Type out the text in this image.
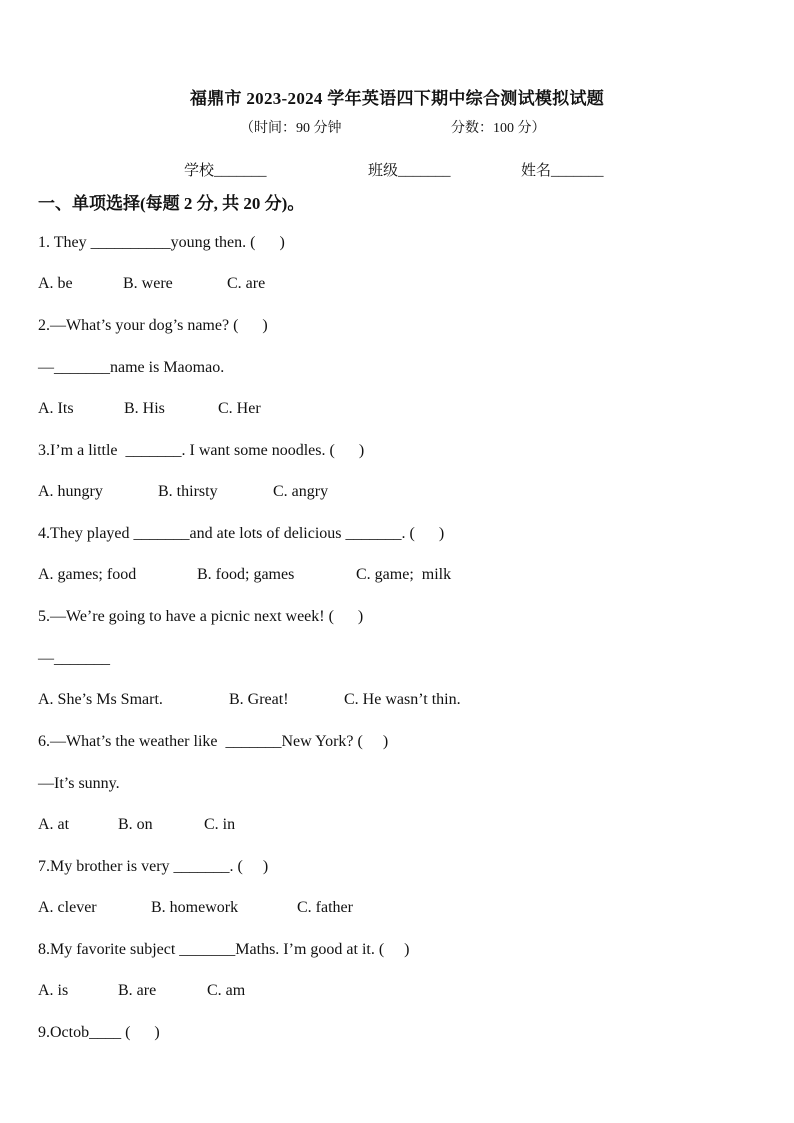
福鼎市 2023-2024 学年英语四下期中综合测试模拟试题
（时间：90 分钟	分数：100 分）
学校_______	班级_______	姓名_______
一、单项选择(每题 2 分, 共 20 分)。
1. They __________young then. (      )
A. be	B. were	C. are
2.—What’s your dog’s name? (      )
—_______name is Maomao.
A. Its	B. His	C. Her
3.I’m a little  _______. I want some noodles. (      )
A. hungry	B. thirsty	C. angry
4.They played _______and ate lots of delicious _______. (      )
A. games; food	B. food; games	C. game;  milk
5.—We’re going to have a picnic next week! (      )
—_______
A. She’s Ms Smart.	B. Great!	C. He wasn’t thin.
6.—What’s the weather like  _______New York? (     )
—It’s sunny.
A. at	B. on	C. in
7.My brother is very _______. (     )
A. clever	B. homework	C. father
8.My favorite subject _______Maths. I’m good at it. (     )
A. is	B. are	C. am
9.Octob____ (      )
